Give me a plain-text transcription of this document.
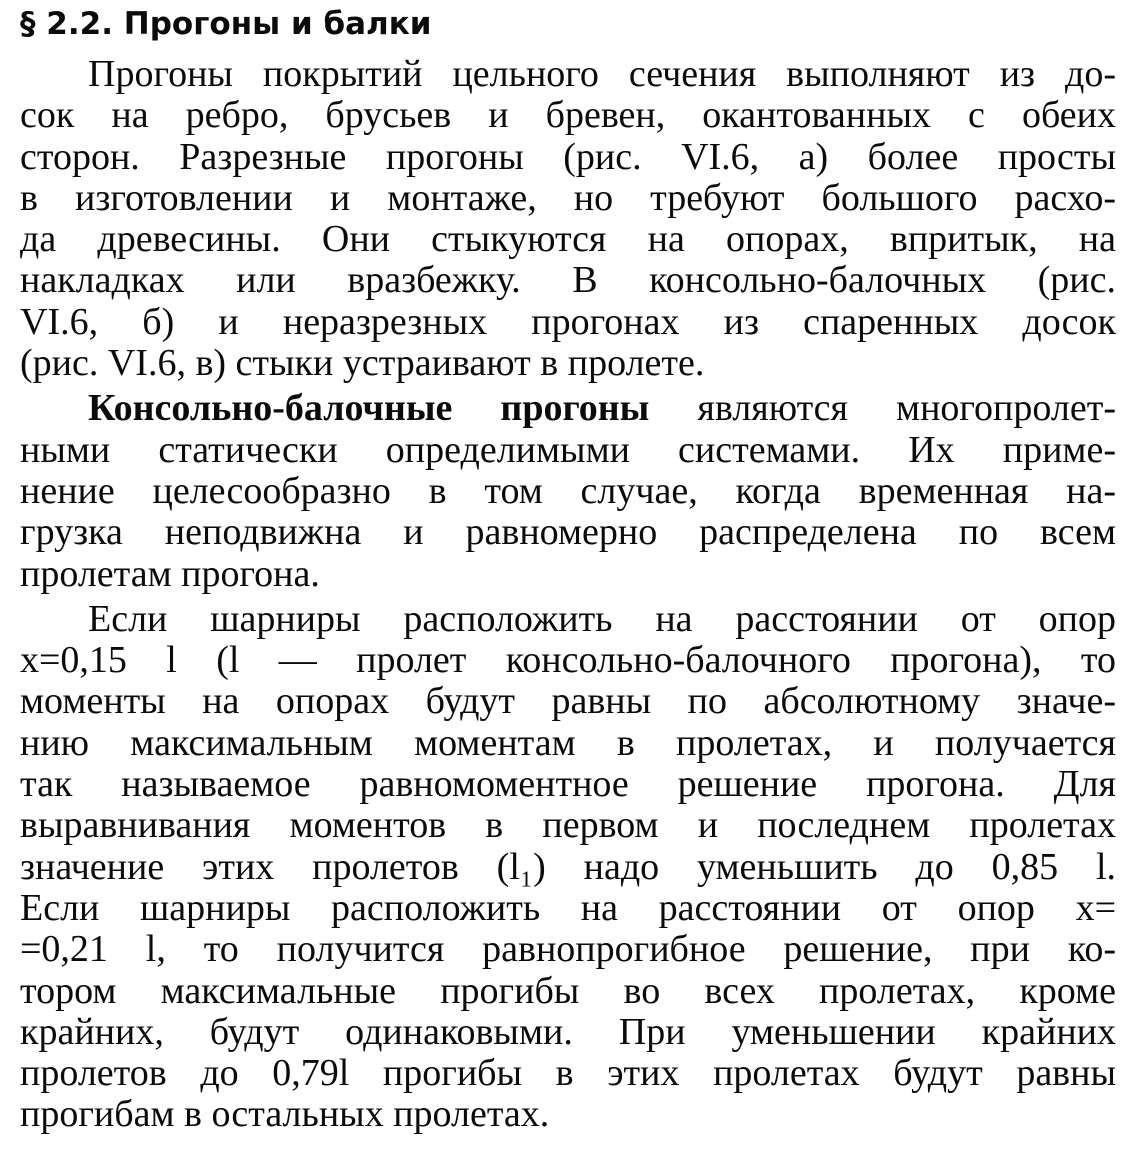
§ 2.2. Прогоны и балки
Прогоны покрытий цельного сечения выполняют из до-
сок на ребро, брусьев и бревен, окантованных с обеих
сторон. Разрезные прогоны (рис. VI.6, а) более просты
в изготовлении и монтаже, но требуют большого расхо-
да древесины. Они стыкуются на опорах, впритык, на
накладках или вразбежку. В консольно-балочных (рис.
VI.6, б) и неразрезных прогонах из спаренных досок
(рис. VI.6, в) стыки устраивают в пролете.
Консольно-балочные прогоны являются многопролет-
ными статически определимыми системами. Их приме-
нение целесообразно в том случае, когда временная на-
грузка неподвижна и равномерно распределена по всем
пролетам прогона.
Если шарниры расположить на расстоянии от опор
x=0,15 l (l — пролет консольно-балочного прогона), то
моменты на опорах будут равны по абсолютному значе-
нию максимальным моментам в пролетах, и получается
так называемое равномоментное решение прогона. Для
выравнивания моментов в первом и последнем пролетах
значение этих пролетов (l₁) надо уменьшить до 0,85 l.
Если шарниры расположить на расстоянии от опор x=
=0,21 l, то получится равнопрогибное решение, при ко-
тором максимальные прогибы во всех пролетах, кроме
крайних, будут одинаковыми. При уменьшении крайних
пролетов до 0,79l прогибы в этих пролетах будут равны
прогибам в остальных пролетах.
